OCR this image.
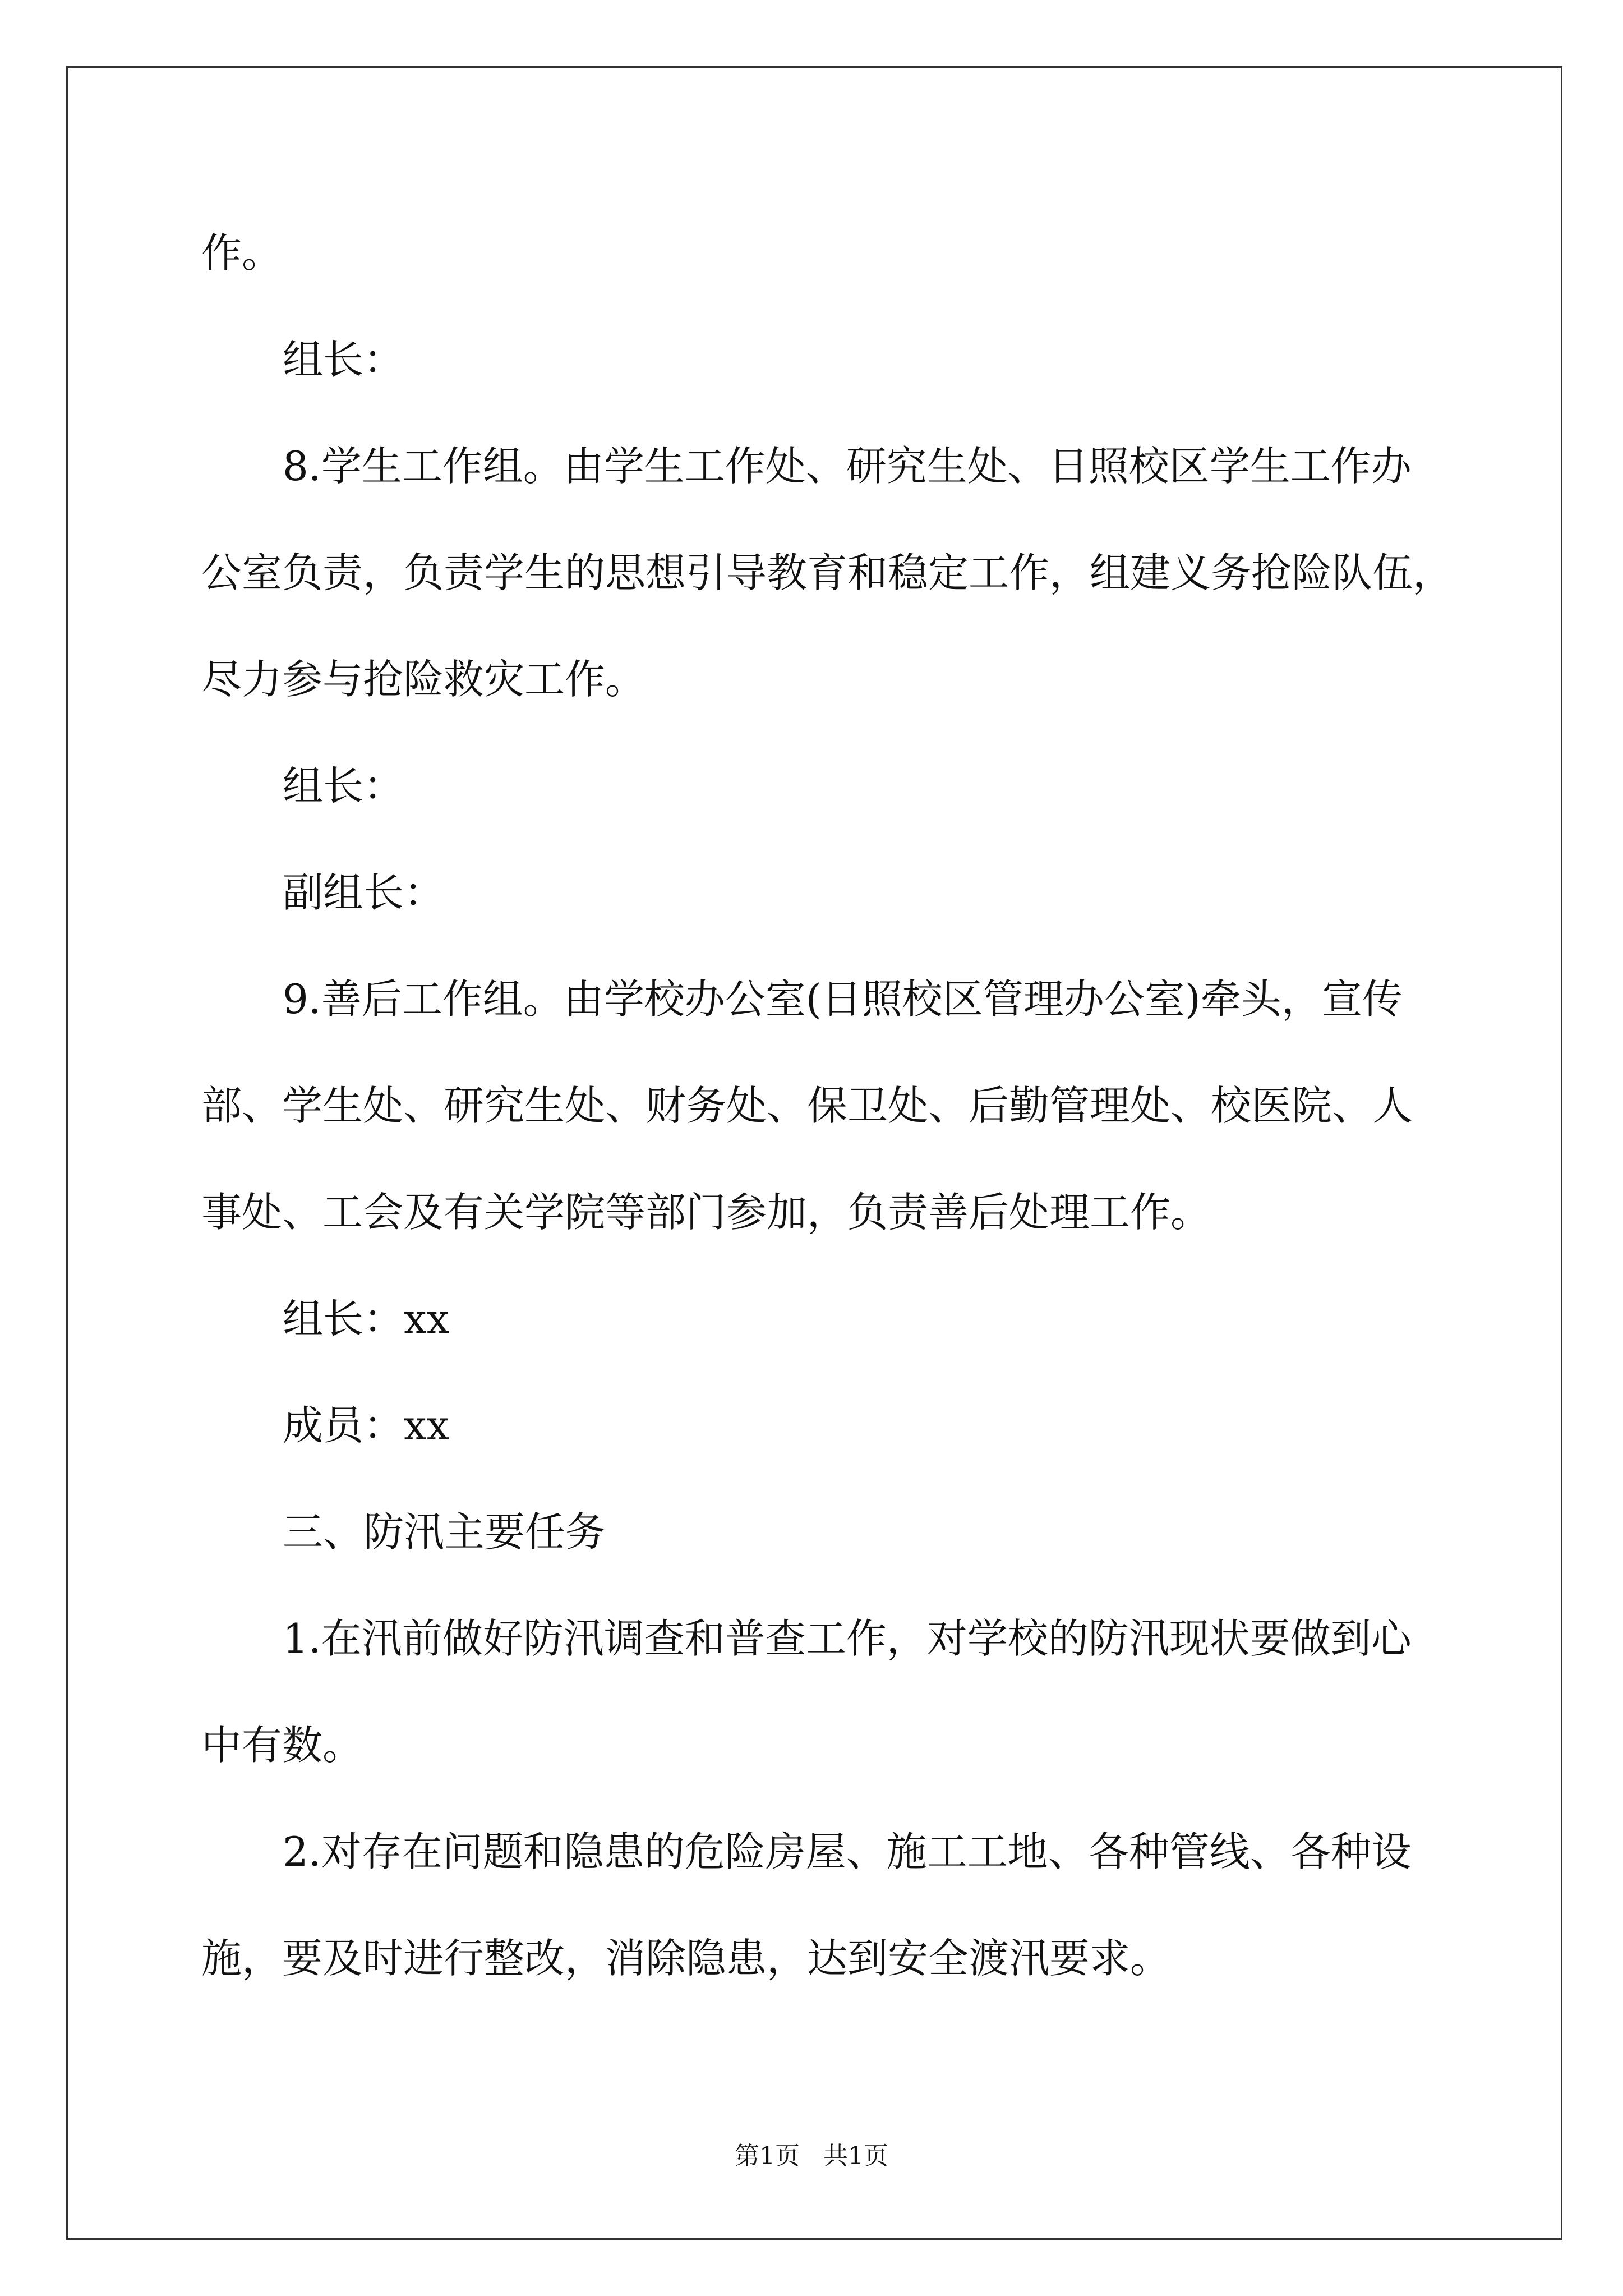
作。
组长：
8.学生工作组。由学生工作处、研究生处、日照校区学生工作办
公室负责，负责学生的思想引导教育和稳定工作，组建义务抢险队伍，
尽力参与抢险救灾工作。
组长：
副组长：
9.善后工作组。由学校办公室(日照校区管理办公室)牵头，宣传
部、学生处、研究生处、财务处、保卫处、后勤管理处、校医院、人
事处、工会及有关学院等部门参加，负责善后处理工作。
组长：xx
成员：xx
三、防汛主要任务
1.在汛前做好防汛调查和普查工作，对学校的防汛现状要做到心
中有数。
2.对存在问题和隐患的危险房屋、施工工地、各种管线、各种设
施，要及时进行整改，消除隐患，达到安全渡汛要求。
第1页   共1页
